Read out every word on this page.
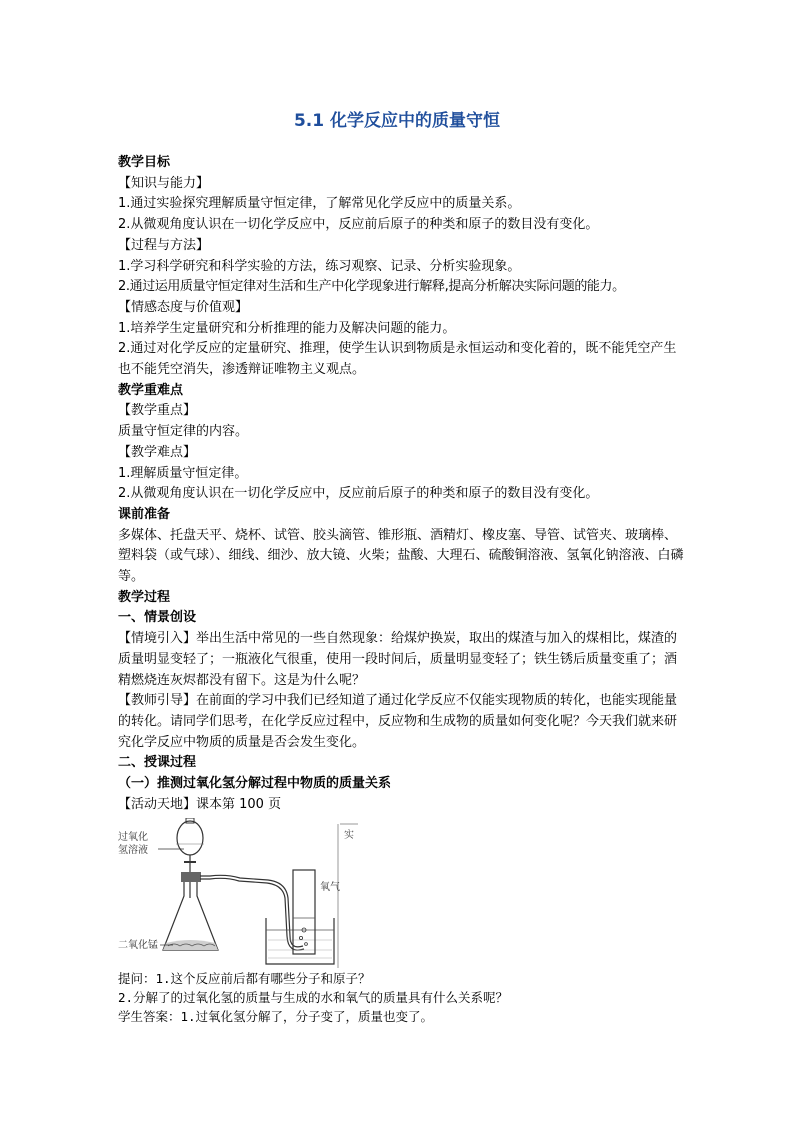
5.1 化学反应中的质量守恒

教学目标

【知识与能力】

1.通过实验探究理解质量守恒定律，了解常见化学反应中的质量关系。

2.从微观角度认识在一切化学反应中，反应前后原子的种类和原子的数目没有变化。

【过程与方法】

1.学习科学研究和科学实验的方法，练习观察、记录、分析实验现象。

2.通过运用质量守恒定律对生活和生产中化学现象进行解释,提高分析解决实际问题的能力。

【情感态度与价值观】

1.培养学生定量研究和分析推理的能力及解决问题的能力。

2.通过对化学反应的定量研究、推理，使学生认识到物质是永恒运动和变化着的，既不能凭空产生也不能凭空消失，渗透辩证唯物主义观点。

教学重难点

【教学重点】

质量守恒定律的内容。

【教学难点】

1.理解质量守恒定律。

2.从微观角度认识在一切化学反应中，反应前后原子的种类和原子的数目没有变化。

课前准备

多媒体、托盘天平、烧杯、试管、胶头滴管、锥形瓶、酒精灯、橡皮塞、导管、试管夹、玻璃棒、塑料袋（或气球）、细线、细沙、放大镜、火柴；盐酸、大理石、硫酸铜溶液、氢氧化钠溶液、白磷等。

教学过程

一、情景创设

【情境引入】举出生活中常见的一些自然现象：给煤炉换炭，取出的煤渣与加入的煤相比，煤渣的质量明显变轻了；一瓶液化气很重，使用一段时间后，质量明显变轻了；铁生锈后质量变重了；酒精燃烧连灰烬都没有留下。这是为什么呢？

【教师引导】在前面的学习中我们已经知道了通过化学反应不仅能实现物质的转化，也能实现能量的转化。请同学们思考，在化学反应过程中，反应物和生成物的质量如何变化呢？今天我们就来研究化学反应中物质的质量是否会发生变化。

二、授课过程

（一）推测过氧化氢分解过程中物质的质量关系

【活动天地】课本第 100 页

实
过氧化
氢溶液
氧气
二氧化锰

提问：1.这个反应前后都有哪些分子和原子？

2.分解了的过氧化氢的质量与生成的水和氧气的质量具有什么关系呢？

学生答案：1.过氧化氢分解了，分子变了，质量也变了。
